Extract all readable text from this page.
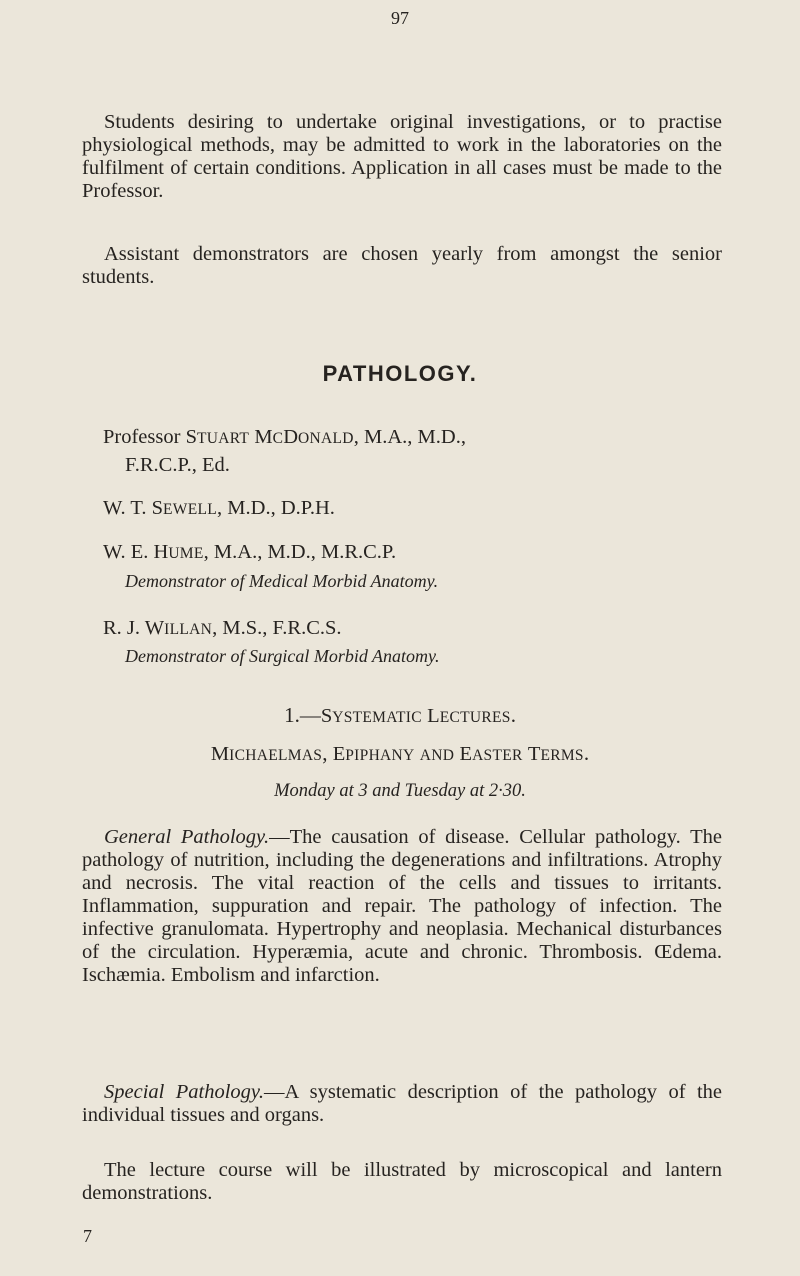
97

Students desiring to undertake original investigations, or to practise physiological methods, may be admitted to work in the laboratories on the fulfilment of certain conditions. Application in all cases must be made to the Professor.

Assistant demonstrators are chosen yearly from amongst the senior students.

PATHOLOGY.
Professor STUART MCDONALD, M.A., M.D.,
F.R.C.P., Ed.
W. T. SEWELL, M.D., D.P.H.
W. E. HUME, M.A., M.D., M.R.C.P.
Demonstrator of Medical Morbid Anatomy.
R. J. WILLAN, M.S., F.R.C.S.
Demonstrator of Surgical Morbid Anatomy.
1.—SYSTEMATIC LECTURES.
MICHAELMAS, EPIPHANY AND EASTER TERMS.
Monday at 3 and Tuesday at 2·30.

General Pathology.—The causation of disease. Cellular pathology. The pathology of nutrition, including the degenerations and infiltrations. Atrophy and necrosis. The vital reaction of the cells and tissues to irritants. Inflammation, suppuration and repair. The pathology of infection. The infective granulomata. Hypertrophy and neoplasia. Mechanical disturbances of the circulation. Hyperæmia, acute and chronic. Thrombosis. Œdema. Ischæmia. Embolism and infarction.

Special Pathology.—A systematic description of the pathology of the individual tissues and organs.

The lecture course will be illustrated by microscopical and lantern demonstrations.

7
